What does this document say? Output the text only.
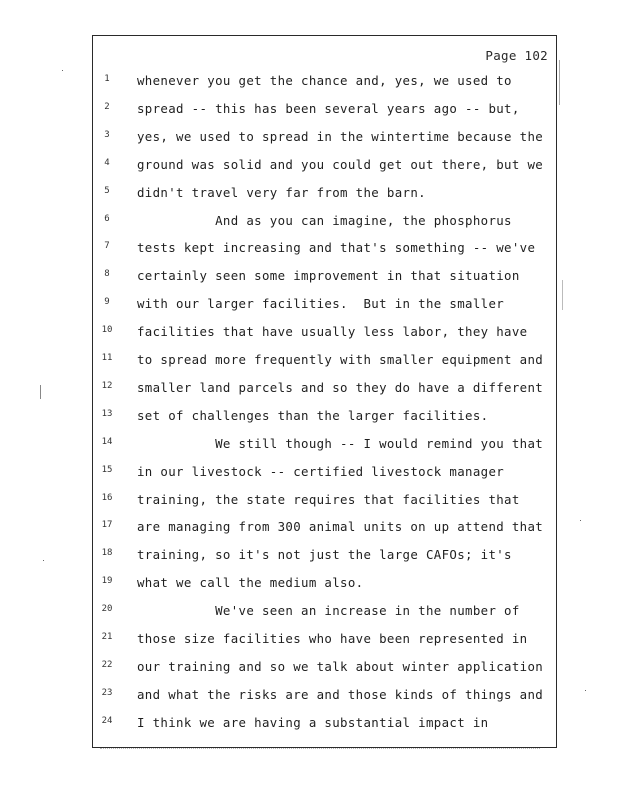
Page 102
1	whenever you get the chance and, yes, we used to
2	spread -- this has been several years ago -- but,
3	yes, we used to spread in the wintertime because the
4	ground was solid and you could get out there, but we
5	didn't travel very far from the barn.
6	And as you can imagine, the phosphorus
7	tests kept increasing and that's something -- we've
8	certainly seen some improvement in that situation
9	with our larger facilities.  But in the smaller
10	facilities that have usually less labor, they have
11	to spread more frequently with smaller equipment and
12	smaller land parcels and so they do have a different
13	set of challenges than the larger facilities.
14	We still though -- I would remind you that
15	in our livestock -- certified livestock manager
16	training, the state requires that facilities that
17	are managing from 300 animal units on up attend that
18	training, so it's not just the large CAFOs; it's
19	what we call the medium also.
20	We've seen an increase in the number of
21	those size facilities who have been represented in
22	our training and so we talk about winter application
23	and what the risks are and those kinds of things and
24	I think we are having a substantial impact in
